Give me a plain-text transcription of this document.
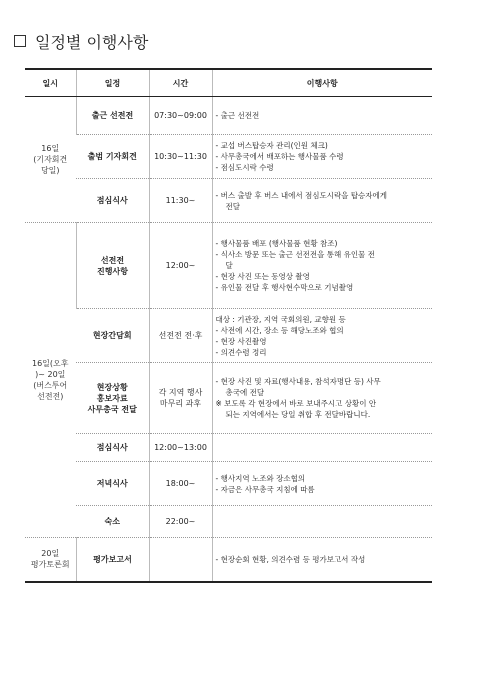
일정별 이행사항
일시	일정	시간	이행사항
16일
(기자회견
당일)	출근 선전전	07:30~09:00	- 출근 선전전

	출범 기자회견	10:30~11:30	- 교섭 버스탑승자 관리(인원 체크)
- 사무총국에서 배포하는 행사물품 수령
- 점심도시락 수령

	점심식사	11:30~	- 버스 출발 후 버스 내에서 점심도시락을 탑승자에게
전달

16일(오후
)~ 20일
(버스투어
선전전)	선전전
진행사항	12:00~	- 행사물품 배포 (행사물품 현황 참조)
- 식사소 방문 또는 출근 선전전을 통해 유인물 전
달
- 현장 사진 또는 동영상 촬영
- 유인물 전달 후 행사현수막으로 기념촬영

	현장간담회	선전전 전·후	대상 : 기관장, 지역 국회의원, 교향원 등
- 사전에 시간, 장소 등 해당노조와 협의
- 현장 사진촬영
- 의견수렴 정리

	현장상황
홍보자료
사무총국 전달	각 지역 행사
마무리 과후	- 현장 사진 및 자료(행사내용, 참석자명단 등) 사무
총국에 전달
※ 보도록 각 현장에서 바로 보내주시고 상황이 안
되는 지역에서는 당일 취합 후 전달바랍니다.

	점심식사	12:00~13:00	
	저녁식사	18:00~	- 행사지역 노조와 장소협의
- 자금은 사무총국 지침에 따름

	숙소	22:00~	
20일
평가토론회	평가보고서		- 현장순회 현황, 의견수렴 등 평가보고서 작성
